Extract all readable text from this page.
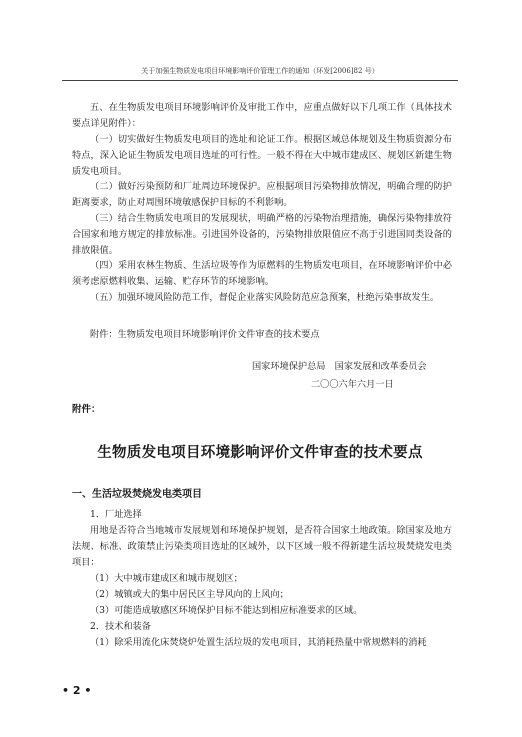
关于加强生物质发电项目环境影响评价管理工作的通知（环发[2006]82 号）

五、在生物质发电项目环境影响评价及审批工作中，应重点做好以下几项工作（具体技术要点详见附件）：

（一）切实做好生物质发电项目的选址和论证工作。根据区域总体规划及生物质资源分布特点，深入论证生物质发电项目选址的可行性。一般不得在大中城市建成区、规划区新建生物质发电项目。

（二）做好污染预防和厂址周边环境保护。应根据项目污染物排放情况，明确合理的防护距离要求，防止对周围环境敏感保护目标的不利影响。

（三）结合生物质发电项目的发展现状，明确严格的污染物治理措施，确保污染物排放符合国家和地方规定的排放标准。引进国外设备的，污染物排放限值应不高于引进国同类设备的排放限值。

（四）采用农林生物质、生活垃圾等作为原燃料的生物质发电项目，在环境影响评价中必须考虑原燃料收集、运输、贮存环节的环境影响。

（五）加强环境风险防范工作，督促企业落实风险防范应急预案，杜绝污染事故发生。

附件：生物质发电项目环境影响评价文件审查的技术要点

国家环境保护总局　国家发展和改革委员会
二〇〇六年六月一日
附件：
生物质发电项目环境影响评价文件审查的技术要点
一、生活垃圾焚烧发电类项目
1．厂址选择

用地是否符合当地城市发展规划和环境保护规划，是否符合国家土地政策。除国家及地方法规、标准、政策禁止污染类项目选址的区域外，以下区域一般不得新建生活垃圾焚烧发电类项目：

（1）大中城市建成区和城市规划区；
（2）城镇或大的集中居民区主导风向的上风向；
（3）可能造成敏感区环境保护目标不能达到相应标准要求的区域。
2．技术和装备

（1）除采用流化床焚烧炉处置生活垃圾的发电项目，其消耗热量中常规燃料的消耗

• 2 •
